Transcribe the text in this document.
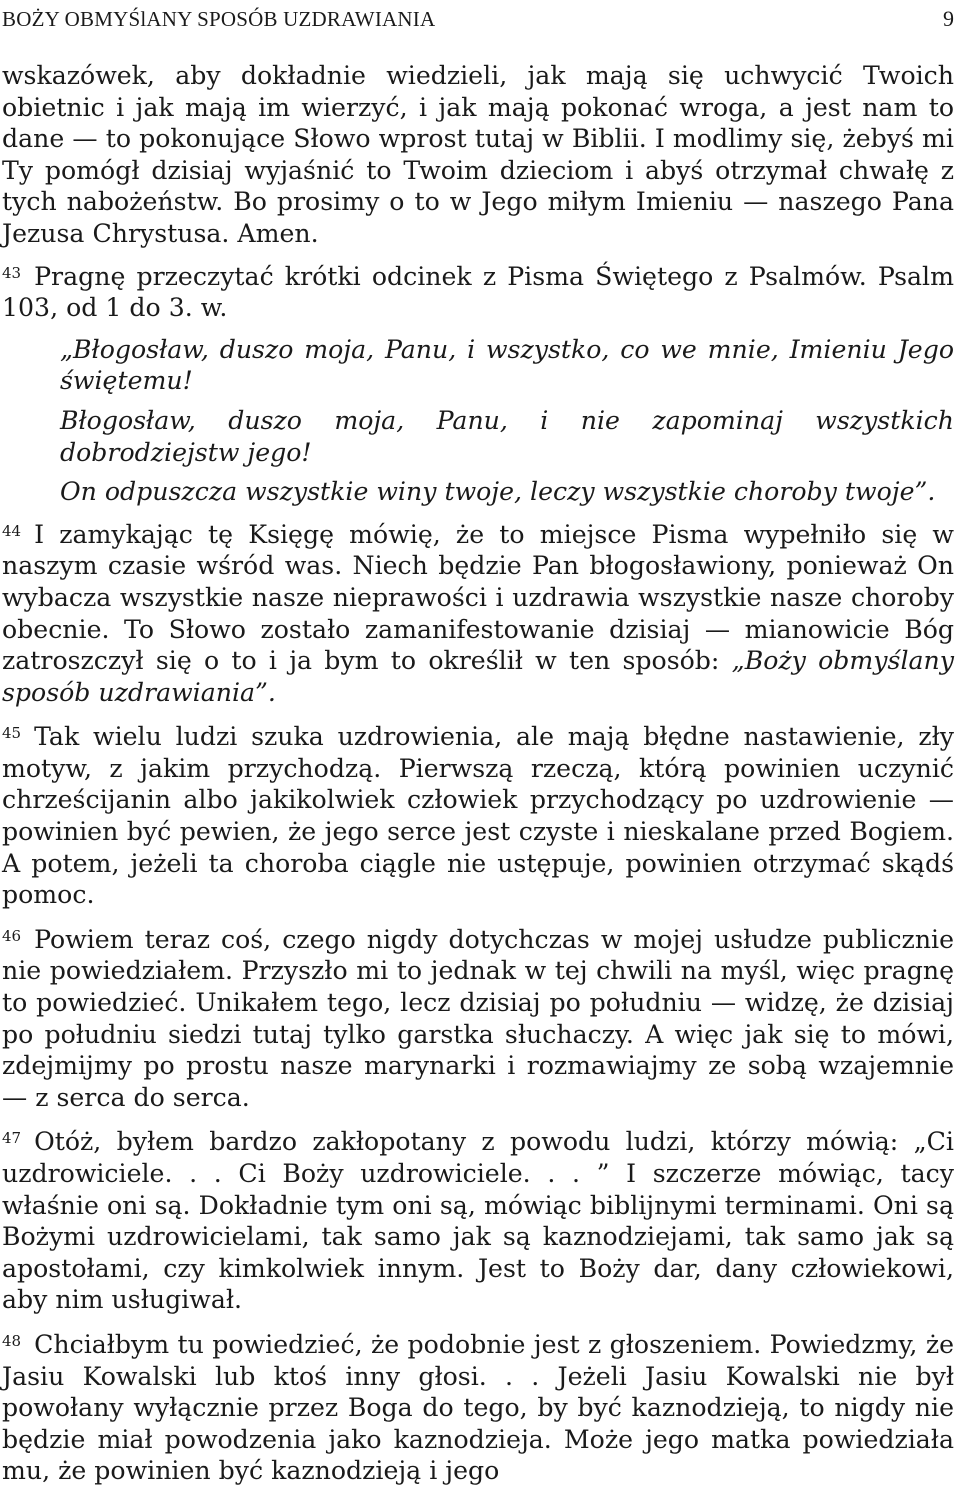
BOŻY OBMYŚlANY SPOSÓB UZDRAWIANIA	9

wskazówek, aby dokładnie wiedzieli, jak mają się uchwycić Twoich obietnic i jak mają im wierzyć, i jak mają pokonać wroga, a jest nam to dane — to pokonujące Słowo wprost tutaj w Biblii. I modlimy się, żebyś mi Ty pomógł dzisiaj wyjaśnić to Twoim dzieciom i abyś otrzymał chwałę z tych nabożeństw. Bo prosimy o to w Jego miłym Imieniu — naszego Pana Jezusa Chrystusa. Amen.

$^{43}$ Pragnę przeczytać krótki odcinek z Pisma Świętego z Psalmów. Psalm 103, od 1 do 3. w.

„Błogosław, duszo moja, Panu, i wszystko, co we mnie, Imieniu Jego świętemu!

Błogosław, duszo moja, Panu, i nie zapominaj wszystkich dobrodziejstw jego!

On odpuszcza wszystkie winy twoje, leczy wszystkie choroby twoje”.

$^{44}$ I zamykając tę Księgę mówię, że to miejsce Pisma wypełniło się w naszym czasie wśród was. Niech będzie Pan błogosławiony, ponieważ On wybacza wszystkie nasze nieprawości i uzdrawia wszystkie nasze choroby obecnie. To Słowo zostało zamanifestowanie dzisiaj — mianowicie Bóg zatroszczył się o to i ja bym to określił w ten sposób: „Boży obmyślany sposób uzdrawiania”.

$^{45}$ Tak wielu ludzi szuka uzdrowienia, ale mają błędne nastawienie, zły motyw, z jakim przychodzą. Pierwszą rzeczą, którą powinien uczynić chrześcijanin albo jakikolwiek człowiek przychodzący po uzdrowienie — powinien być pewien, że jego serce jest czyste i nieskalane przed Bogiem. A potem, jeżeli ta choroba ciągle nie ustępuje, powinien otrzymać skądś pomoc.

$^{46}$ Powiem teraz coś, czego nigdy dotychczas w mojej usłudze publicznie nie powiedziałem. Przyszło mi to jednak w tej chwili na myśl, więc pragnę to powiedzieć. Unikałem tego, lecz dzisiaj po południu — widzę, że dzisiaj po południu siedzi tutaj tylko garstka słuchaczy. A więc jak się to mówi, zdejmijmy po prostu nasze marynarki i rozmawiajmy ze sobą wzajemnie — z serca do serca.

$^{47}$ Otóż, byłem bardzo zakłopotany z powodu ludzi, którzy mówią: „Ci uzdrowiciele. . . Ci Boży uzdrowiciele. . . ” I szczerze mówiąc, tacy właśnie oni są. Dokładnie tym oni są, mówiąc biblijnymi terminami. Oni są Bożymi uzdrowicielami, tak samo jak są kaznodziejami, tak samo jak są apostołami, czy kimkolwiek innym. Jest to Boży dar, dany człowiekowi, aby nim usługiwał.

$^{48}$ Chciałbym tu powiedzieć, że podobnie jest z głoszeniem. Powiedzmy, że Jasiu Kowalski lub ktoś inny głosi. . . Jeżeli Jasiu Kowalski nie był powołany wyłącznie przez Boga do tego, by być kaznodzieją, to nigdy nie będzie miał powodzenia jako kaznodzieja. Może jego matka powiedziała mu, że powinien być kaznodzieją i jego
